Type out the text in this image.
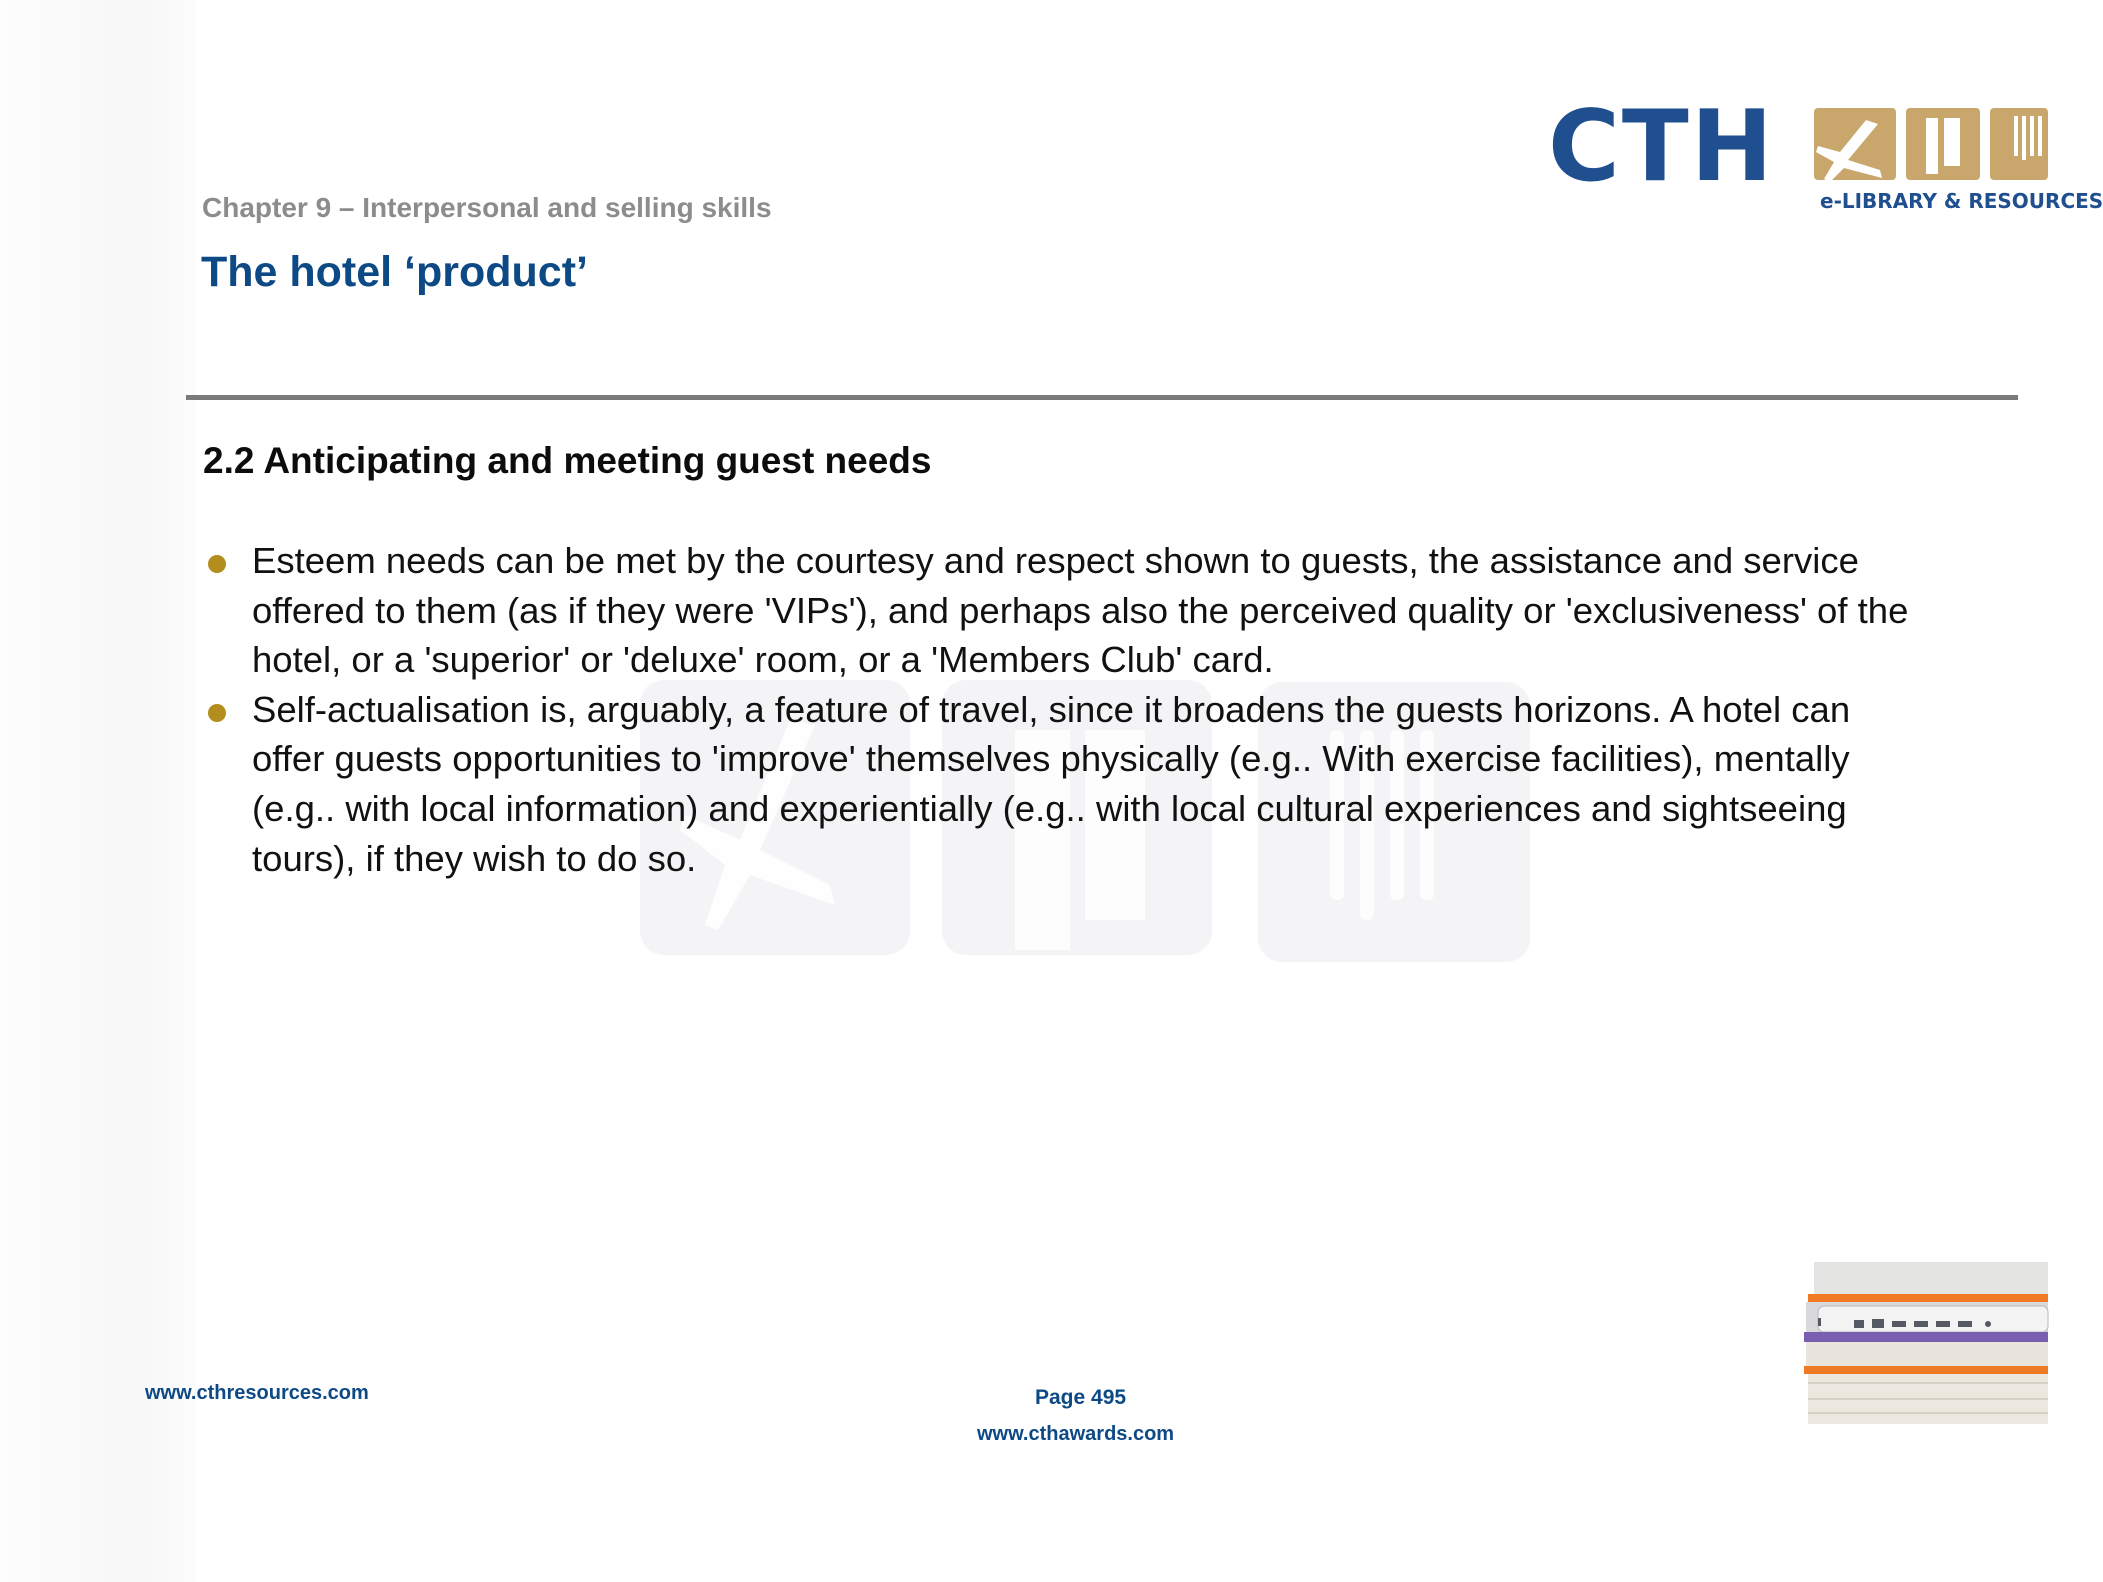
CTH e-LIBRARY & RESOURCES
Chapter 9 – Interpersonal and selling skills
The hotel ‘product’
2.2 Anticipating and meeting guest needs
Esteem needs can be met by the courtesy and respect shown to guests, the assistance and service
offered to them (as if they were 'VIPs'), and perhaps also the perceived quality or 'exclusiveness' of the
hotel, or a 'superior' or 'deluxe' room, or a 'Members Club' card.
Self-actualisation is, arguably, a feature of travel, since it broadens the guests horizons. A hotel can
offer guests opportunities to 'improve' themselves physically (e.g.. With exercise facilities), mentally
(e.g.. with local information) and experientially (e.g.. with local cultural experiences and sightseeing
tours), if they wish to do so.
www.cthresources.com	Page 495
www.cthawards.com
